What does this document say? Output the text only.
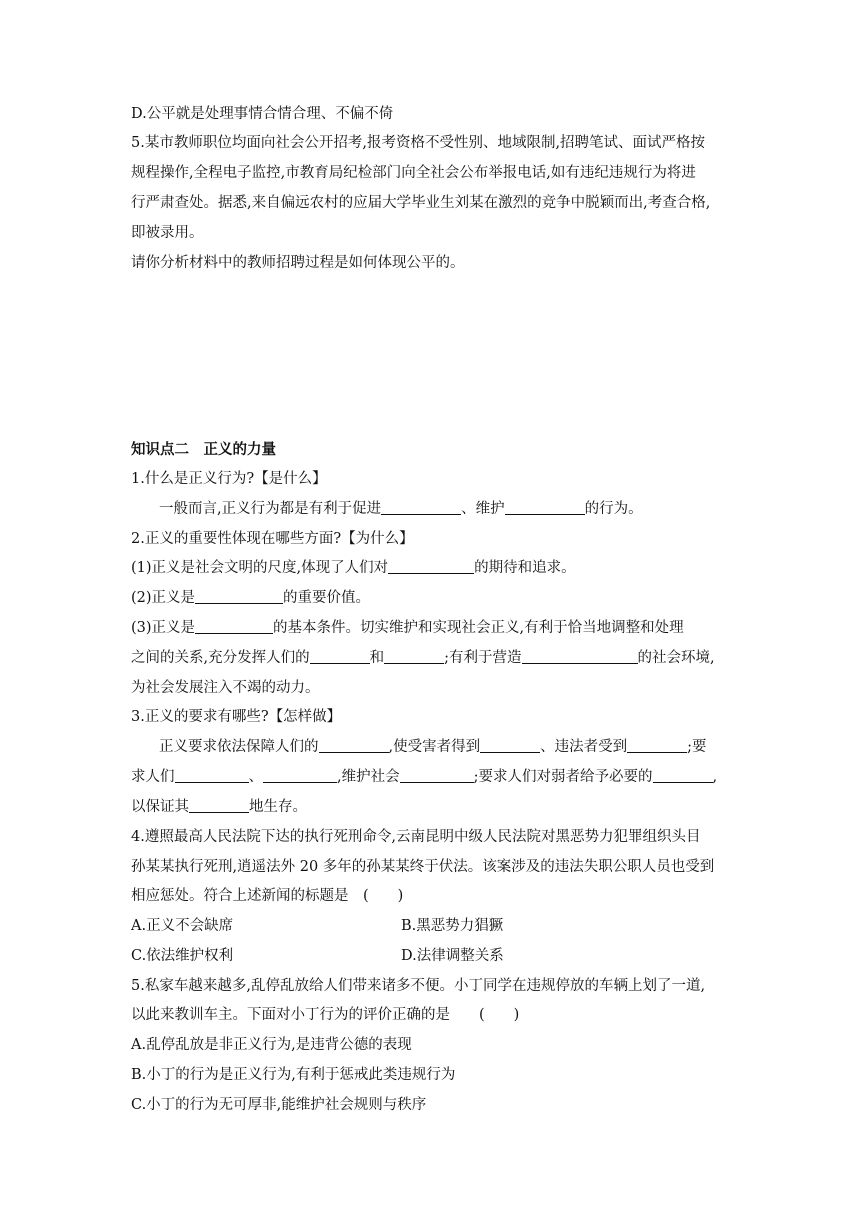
D.公平就是处理事情合情合理、不偏不倚
5.某市教师职位均面向社会公开招考,报考资格不受性别、地域限制,招聘笔试、面试严格按
规程操作,全程电子监控,市教育局纪检部门向全社会公布举报电话,如有违纪违规行为将进
行严肃查处。据悉,来自偏远农村的应届大学毕业生刘某在激烈的竞争中脱颖而出,考查合格,
即被录用。
请你分析材料中的教师招聘过程是如何体现公平的。
知识点二　正义的力量
1.什么是正义行为?【是什么】
一般而言,正义行为都是有利于促进	、维护	的行为。
2.正义的重要性体现在哪些方面?【为什么】
(1)正义是社会文明的尺度,体现了人们对	的期待和追求。
(2)正义是	的重要价值。
(3)正义是	的基本条件。切实维护和实现社会正义,有利于恰当地调整和处理
之间的关系,充分发挥人们的	和	;有利于营造	的社会环境,
为社会发展注入不竭的动力。
3.正义的要求有哪些?【怎样做】
正义要求依法保障人们的	,使受害者得到	、违法者受到	;要
求人们	、	,维护社会	;要求人们对弱者给予必要的	,
以保证其	地生存。
4.遵照最高人民法院下达的执行死刑命令,云南昆明中级人民法院对黑恶势力犯罪组织头目
孙某某执行死刑,逍遥法外 20 多年的孙某某终于伏法。该案涉及的违法失职公职人员也受到
相应惩处。符合上述新闻的标题是　(　　)
A.正义不会缺席	B.黑恶势力猖獗
C.依法维护权利	D.法律调整关系
5.私家车越来越多,乱停乱放给人们带来诸多不便。小丁同学在违规停放的车辆上划了一道,
以此来教训车主。下面对小丁行为的评价正确的是　　(　　)
A.乱停乱放是非正义行为,是违背公德的表现
B.小丁的行为是正义行为,有利于惩戒此类违规行为
C.小丁的行为无可厚非,能维护社会规则与秩序
